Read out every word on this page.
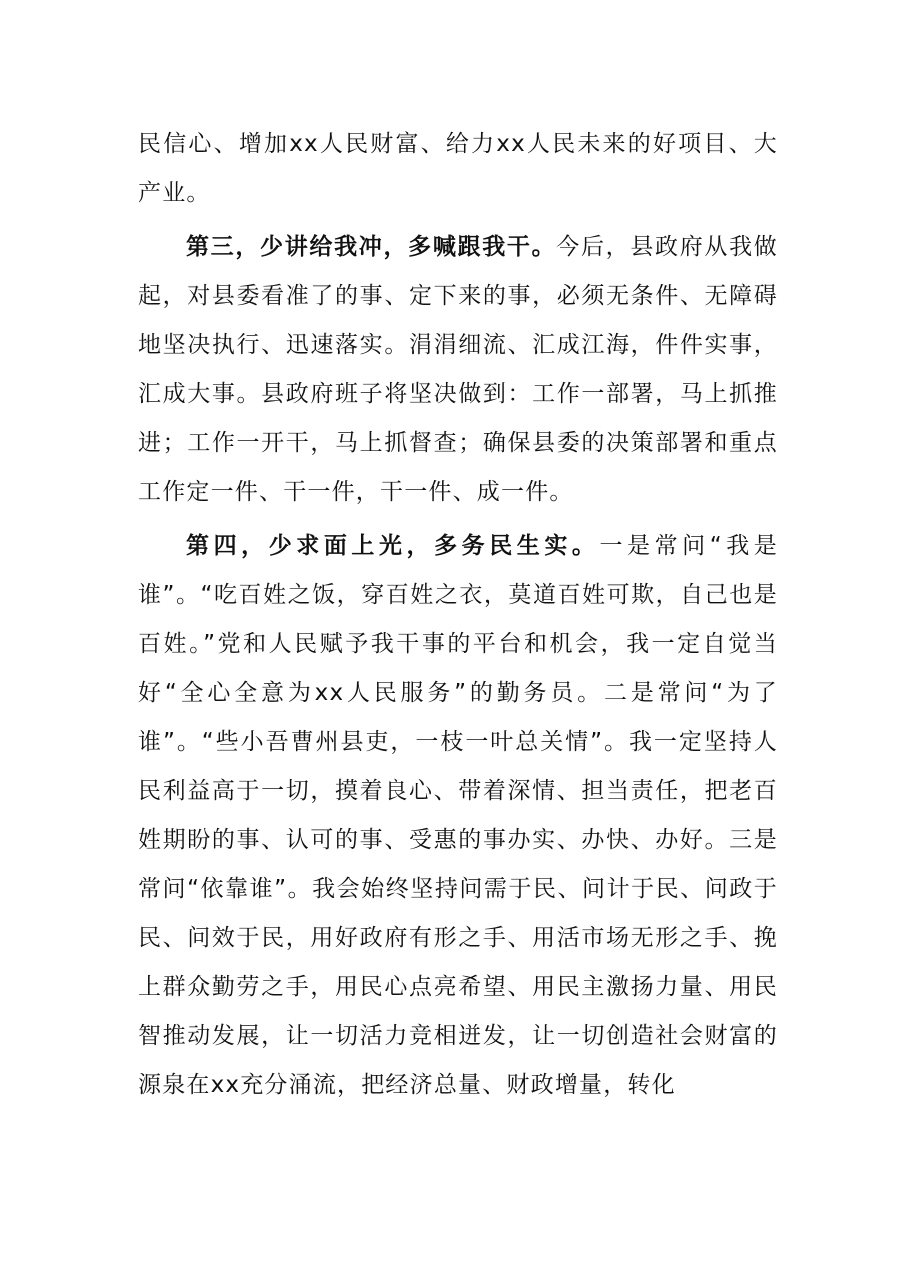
民信心、增加xx人民财富、给力xx人民未来的好项目、大产业。

第三，少讲给我冲，多喊跟我干。今后，县政府从我做起，对县委看准了的事、定下来的事，必须无条件、无障碍地坚决执行、迅速落实。涓涓细流、汇成江海，件件实事，汇成大事。县政府班子将坚决做到：工作一部署，马上抓推进；工作一开干，马上抓督查；确保县委的决策部署和重点工作定一件、干一件，干一件、成一件。

第四，少求面上光，多务民生实。一是常问“我是谁”。“吃百姓之饭，穿百姓之衣，莫道百姓可欺，自己也是百姓。”党和人民赋予我干事的平台和机会，我一定自觉当好“全心全意为xx人民服务”的勤务员。二是常问“为了谁”。“些小吾曹州县吏，一枝一叶总关情”。我一定坚持人民利益高于一切，摸着良心、带着深情、担当责任，把老百姓期盼的事、认可的事、受惠的事办实、办快、办好。三是常问“依靠谁”。我会始终坚持问需于民、问计于民、问政于民、问效于民，用好政府有形之手、用活市场无形之手、挽上群众勤劳之手，用民心点亮希望、用民主激扬力量、用民智推动发展，让一切活力竞相迸发，让一切创造社会财富的源泉在xx充分涌流，把经济总量、财政增量，转化
